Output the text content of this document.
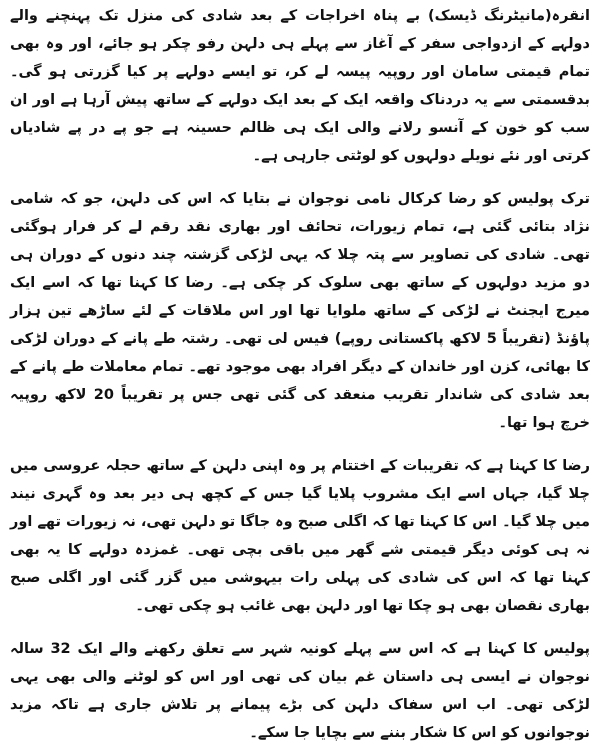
انقرہ(مانیٹرنگ ڈیسک) بے پناہ اخراجات کے بعد شادی کی منزل تک پہنچنے والے دولہے کے ازدواجی سفر کے آغاز سے پہلے ہی دلہن رفو چکر ہو جائے، اور وہ بھی تمام قیمتی سامان اور روپیہ پیسہ لے کر، تو ایسے دولہے پر کیا گزرتی ہو گی۔ بدقسمتی سے یہ دردناک واقعہ ایک کے بعد ایک دولہے کے ساتھ پیش آرہا ہے اور ان سب کو خون کے آنسو رلانے والی ایک ہی ظالم حسینہ ہے جو پے در پے شادیاں کرتی اور نئے نویلے دولہوں کو لوٹتی جارہی ہے۔

ترک پولیس کو رضا کرکال نامی نوجوان نے بتایا کہ اس کی دلہن، جو کہ شامی نژاد بتائی گئی ہے، تمام زیورات، تحائف اور بھاری نقد رقم لے کر فرار ہوگئی تھی۔ شادی کی تصاویر سے پتہ چلا کہ یہی لڑکی گزشتہ چند دنوں کے دوران ہی دو مزید دولہوں کے ساتھ بھی سلوک کر چکی ہے۔ رضا کا کہنا تھا کہ اسے ایک میرج ایجنٹ نے لڑکی کے ساتھ ملوایا تھا اور اس ملاقات کے لئے ساڑھے تین ہزار پاؤنڈ (تقریباً 5 لاکھ پاکستانی روپے) فیس لی تھی۔ رشتہ طے پانے کے دوران لڑکی کا بھائی، کزن اور خاندان کے دیگر افراد بھی موجود تھے۔ تمام معاملات طے پانے کے بعد شادی کی شاندار تقریب منعقد کی گئی تھی جس پر تقریباً 20 لاکھ روپیہ خرچ ہوا تھا۔

رضا کا کہنا ہے کہ تقریبات کے اختتام پر وہ اپنی دلہن کے ساتھ حجلہ عروسی میں چلا گیا، جہاں اسے ایک مشروب پلایا گیا جس کے کچھ ہی دیر بعد وہ گہری نیند میں چلا گیا۔ اس کا کہنا تھا کہ اگلی صبح وہ جاگا تو دلہن تھی، نہ زیورات تھے اور نہ ہی کوئی دیگر قیمتی شے گھر میں باقی بچی تھی۔ غمزدہ دولہے کا یہ بھی کہنا تھا کہ اس کی شادی کی پہلی رات بیہوشی میں گزر گئی اور اگلی صبح بھاری نقصان بھی ہو چکا تھا اور دلہن بھی غائب ہو چکی تھی۔

پولیس کا کہنا ہے کہ اس سے پہلے کونیہ شہر سے تعلق رکھنے والے ایک 32 سالہ نوجوان نے ایسی ہی داستان غم بیان کی تھی اور اس کو لوٹنے والی بھی یہی لڑکی تھی۔ اب اس سفاک دلہن کی بڑے پیمانے پر تلاش جاری ہے تاکہ مزید نوجوانوں کو اس کا شکار بننے سے بچایا جا سکے۔
